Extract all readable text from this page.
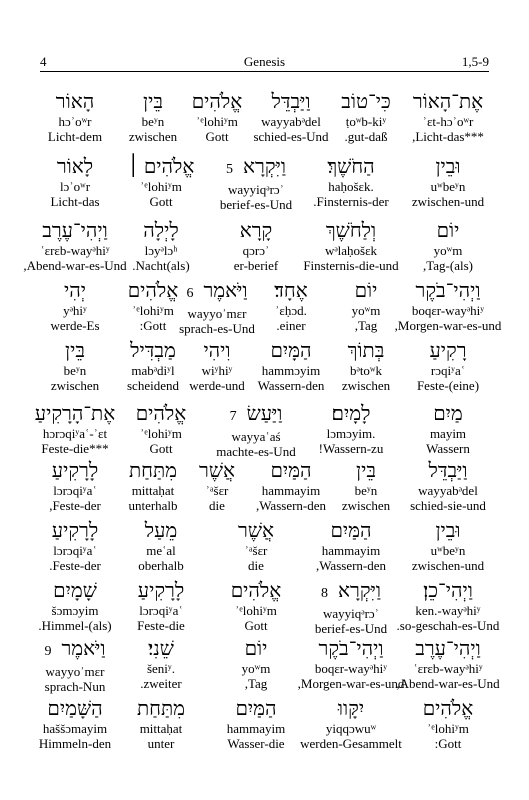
4	Genesis	1,5-9
אֶת־הָאוֹר
ʾɛt-hɔʾoʷr
,Licht-das***
כִּי־טוֹב
ṭoʷb-kiʸ
.gut-daß
וַיַּבְדֵּל
wayyabᵊdel
schied-es-Und
אֱלֹהִים
ʾᵉlohiʸm
Gott
בֵּין
beʸn
zwischen
הָאוֹר
hɔʾoʷr
Licht-dem
וּבֵין
uʷbeʸn
zwischen-und
הַחֹשֶׁךְ׃
haḥošɛk.
.Finsternis-der
וַיִּקְרָא 5
wayyiqᵊrɔʾ
berief-es-Und
אֱלֹהִים ׀
ʾᵉlohiʸm
Gott
לָאוֹר
lɔʾoʷr
Licht-das
יוֹם
yoʷm
,Tag-(als)
וְלַחֹשֶׁךְ
wᵊlaḥošɛk
Finsternis-die-und
קָרָא
qɔrɔʾ
er-berief
לָיְלָה
lɔyᵊlɔʰ
.Nacht(als)
וַיְהִי־עֶרֶב
ʿɛrɛb-wayᵊhiʸ
,Abend-war-es-Und
וַיְהִי־בֹקֶר
boqɛr-wayᵊhiʸ
,Morgen-war-es-und
יוֹם
yoʷm
,Tag
אֶחָד׃
ʾɛḥɔd.
.einer
וַיֹּאמֶר 6
wayyoʾmɛr
sprach-es-Und
אֱלֹהִים
ʾᵉlohiʸm
:Gott
יְהִי
yᵊhiʸ
werde-Es
רָקִיעַ
rɔqiʸaʿ
Feste-(eine)
בְּתוֹךְ
bᵊtoʷk
zwischen
הַמָּיִם
hammɔyim
Wassern-den
וִיהִי
wiʸhiʸ
werde-und
מַבְדִּיל
mabᵊdiʸl
scheidend
בֵּין
beʸn
zwischen
מַיִם
mayim
Wassern
לָמָיִם׃
lɔmɔyim.
!Wassern-zu
וַיַּעַשׂ 7
wayyaʿaś
machte-es-Und
אֱלֹהִים
ʾᵉlohiʸm
Gott
אֶת־הָרָקִיעַ
hɔrɔqiʸaʿ-ʾɛt
Feste-die***
וַיַּבְדֵּל
wayyabᵊdel
schied-sie-und
בֵּין
beʸn
zwischen
הַמַּיִם
hammayim
,Wassern-den
אֲשֶׁר
ʾᵃšɛr
die
מִתַּחַת
mittaḥat
unterhalb
לָרָקִיעַ
lɔrɔqiʸaʿ
,Feste-der
וּבֵין
uʷbeʸn
zwischen-und
הַמַּיִם
hammayim
,Wassern-den
אֲשֶׁר
ʾᵃšɛr
die
מֵעַל
meʿal
oberhalb
לָרָקִיעַ
lɔrɔqiʸaʿ
.Feste-der
וַיְהִי־כֵן׃
ken.-wayᵊhiʸ
.so-geschah-es-Und
וַיִּקְרָא 8
wayyiqᵊrɔʾ
berief-es-Und
אֱלֹהִים
ʾᵉlohiʸm
Gott
לָרָקִיעַ
lɔrɔqiʸaʿ
Feste-die
שָׁמָיִם
šɔmɔyim
.Himmel-(als)
וַיְהִי־עֶרֶב
ʿɛrɛb-wayᵊhiʸ
,Abend-war-es-Und
וַיְהִי־בֹקֶר
boqɛr-wayᵊhiʸ
,Morgen-war-es-und
יוֹם
yoʷm
,Tag
שֵׁנִי׃
šeniʸ.
.zweiter
וַיֹּאמֶר 9
wayyoʾmɛr
sprach-Nun
אֱלֹהִים
ʾᵉlohiʸm
:Gott
יִקָּווּ
yiqqɔwuʷ
werden-Gesammelt
הַמַּיִם
hammayim
Wasser-die
מִתַּחַת
mittaḥat
unter
הַשָּׁמַיִם
haššɔmayim
Himmeln-den
